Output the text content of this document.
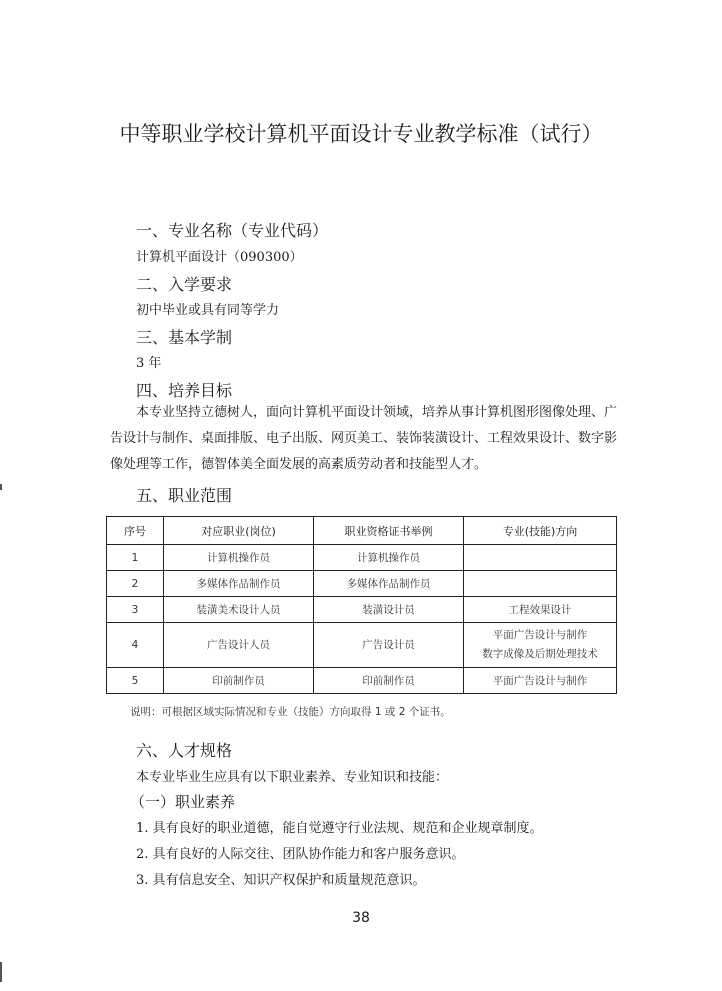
中等职业学校计算机平面设计专业教学标准（试行）
一、专业名称（专业代码）
计算机平面设计（090300）
二、入学要求
初中毕业或具有同等学力
三、基本学制
3 年
四、培养目标
本专业坚持立德树人，面向计算机平面设计领域，培养从事计算机图形图像处理、广告设计与制作、桌面排版、电子出版、网页美工、装饰装潢设计、工程效果设计、数字影像处理等工作，德智体美全面发展的高素质劳动者和技能型人才。
五、职业范围
序号	对应职业(岗位)	职业资格证书举例	专业(技能)方向
1	计算机操作员	计算机操作员	
2	多媒体作品制作员	多媒体作品制作员	
3	装潢美术设计人员	装潢设计员	工程效果设计
4	广告设计人员	广告设计员	平面广告设计与制作
数字成像及后期处理技术

5	印前制作员	印前制作员	平面广告设计与制作
说明：可根据区域实际情况和专业（技能）方向取得 1 或 2 个证书。
六、人才规格
本专业毕业生应具有以下职业素养、专业知识和技能：
（一）职业素养
1. 具有良好的职业道德，能自觉遵守行业法规、规范和企业规章制度。
2. 具有良好的人际交往、团队协作能力和客户服务意识。
3. 具有信息安全、知识产权保护和质量规范意识。
38
